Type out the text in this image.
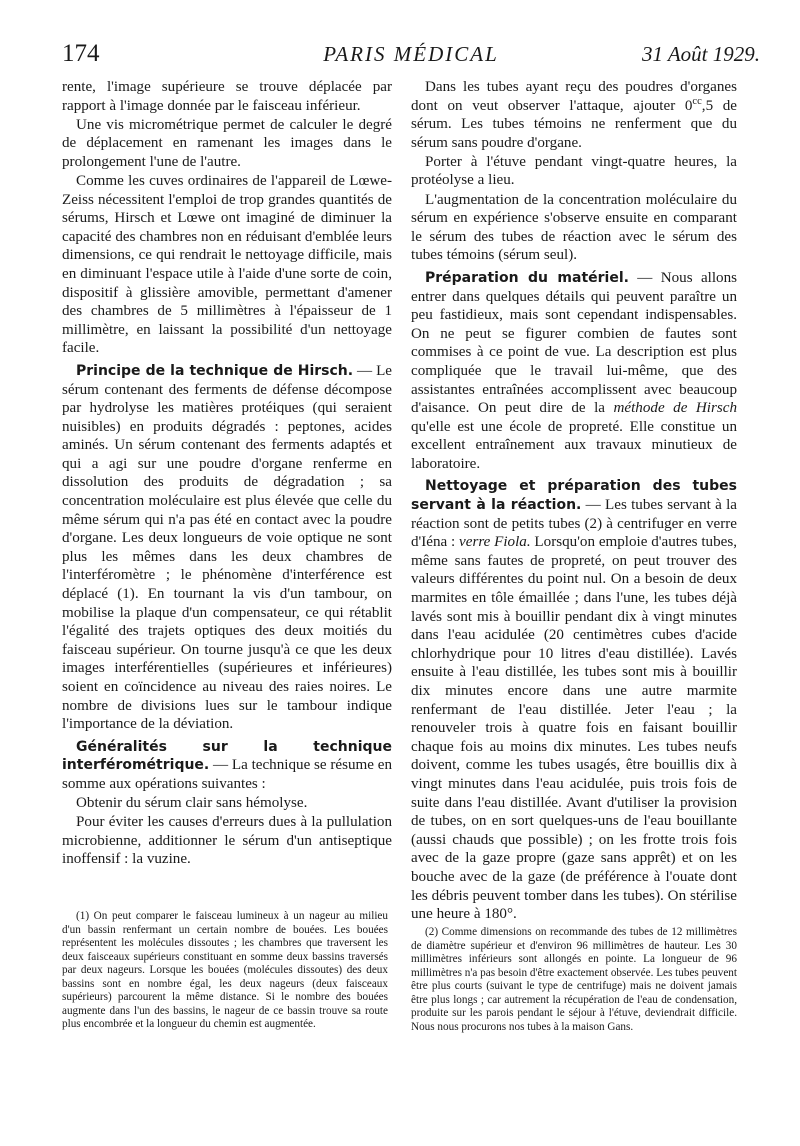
174	PARIS MÉDICAL	31 Août 1929.

rente, l'image supérieure se trouve déplacée par rapport à l'image donnée par le faisceau inférieur.

Une vis micrométrique permet de calculer le degré de déplacement en ramenant les images dans le prolongement l'une de l'autre.

Comme les cuves ordinaires de l'appareil de Lœwe-Zeiss nécessitent l'emploi de trop grandes quantités de sérums, Hirsch et Lœwe ont imaginé de diminuer la capacité des chambres non en réduisant d'emblée leurs dimensions, ce qui rendrait le nettoyage difficile, mais en diminuant l'espace utile à l'aide d'une sorte de coin, dispositif à glissière amovible, permettant d'amener des chambres de 5 millimètres à l'épaisseur de 1 millimètre, en laissant la possibilité d'un nettoyage facile.

Principe de la technique de Hirsch. — Le sérum contenant des ferments de défense décompose par hydrolyse les matières protéiques (qui seraient nuisibles) en produits dégradés : peptones, acides aminés. Un sérum contenant des ferments adaptés et qui a agi sur une poudre d'organe renferme en dissolution des produits de dégradation ; sa concentration moléculaire est plus élevée que celle du même sérum qui n'a pas été en contact avec la poudre d'organe. Les deux longueurs de voie optique ne sont plus les mêmes dans les deux chambres de l'interféromètre ; le phénomène d'interférence est déplacé (1). En tournant la vis d'un tambour, on mobilise la plaque d'un compensateur, ce qui rétablit l'égalité des trajets optiques des deux moitiés du faisceau supérieur. On tourne jusqu'à ce que les deux images interférentielles (supérieures et inférieures) soient en coïncidence au niveau des raies noires. Le nombre de divisions lues sur le tambour indique l'importance de la déviation.

Généralités sur la technique interférométrique. — La technique se résume en somme aux opérations suivantes :

Obtenir du sérum clair sans hémolyse.

Pour éviter les causes d'erreurs dues à la pullulation microbienne, additionner le sérum d'un antiseptique inoffensif : la vuzine.

Dans les tubes ayant reçu des poudres d'organes dont on veut observer l'attaque, ajouter $0^{cc},5$ de sérum. Les tubes témoins ne renferment que du sérum sans poudre d'organe.

Porter à l'étuve pendant vingt-quatre heures, la protéolyse a lieu.

L'augmentation de la concentration moléculaire du sérum en expérience s'observe ensuite en comparant le sérum des tubes de réaction avec le sérum des tubes témoins (sérum seul).

Préparation du matériel. — Nous allons entrer dans quelques détails qui peuvent paraître un peu fastidieux, mais sont cependant indispensables. On ne peut se figurer combien de fautes sont commises à ce point de vue. La description est plus compliquée que le travail lui-même, que des assistantes entraînées accomplissent avec beaucoup d'aisance. On peut dire de la méthode de Hirsch qu'elle est une école de propreté. Elle constitue un excellent entraînement aux travaux minutieux de laboratoire.

Nettoyage et préparation des tubes servant à la réaction. — Les tubes servant à la réaction sont de petits tubes (2) à centrifuger en verre d'Iéna : verre Fiola. Lorsqu'on emploie d'autres tubes, même sans fautes de propreté, on peut trouver des valeurs différentes du point nul. On a besoin de deux marmites en tôle émaillée ; dans l'une, les tubes déjà lavés sont mis à bouillir pendant dix à vingt minutes dans l'eau acidulée (20 centimètres cubes d'acide chlorhydrique pour 10 litres d'eau distillée). Lavés ensuite à l'eau distillée, les tubes sont mis à bouillir dix minutes encore dans une autre marmite renfermant de l'eau distillée. Jeter l'eau ; la renouveler trois à quatre fois en faisant bouillir chaque fois au moins dix minutes. Les tubes neufs doivent, comme les tubes usagés, être bouillis dix à vingt minutes dans l'eau acidulée, puis trois fois de suite dans l'eau distillée. Avant d'utiliser la provision de tubes, on en sort quelques-uns de l'eau bouillante (aussi chauds que possible) ; on les frotte trois fois avec de la gaze propre (gaze sans apprêt) et on les bouche avec de la gaze (de préférence à l'ouate dont les débris peuvent tomber dans les tubes). On stérilise une heure à 180°.

(1) On peut comparer le faisceau lumineux à un nageur au milieu d'un bassin renfermant un certain nombre de bouées. Les bouées représentent les molécules dissoutes ; les chambres que traversent les deux faisceaux supérieurs constituant en somme deux bassins traversés par deux nageurs. Lorsque les bouées (molécules dissoutes) des deux bassins sont en nombre égal, les deux nageurs (deux faisceaux supérieurs) parcourent la même distance. Si le nombre des bouées augmente dans l'un des bassins, le nageur de ce bassin trouve sa route plus encombrée et la longueur du chemin est augmentée.

(2) Comme dimensions on recommande des tubes de 12 millimètres de diamètre supérieur et d'environ 96 millimètres de hauteur. Les 30 millimètres inférieurs sont allongés en pointe. La longueur de 96 millimètres n'a pas besoin d'être exactement observée. Les tubes peuvent être plus courts (suivant le type de centrifuge) mais ne doivent jamais être plus longs ; car autrement la récupération de l'eau de condensation, produite sur les parois pendant le séjour à l'étuve, deviendrait difficile. Nous nous procurons nos tubes à la maison Gans.
